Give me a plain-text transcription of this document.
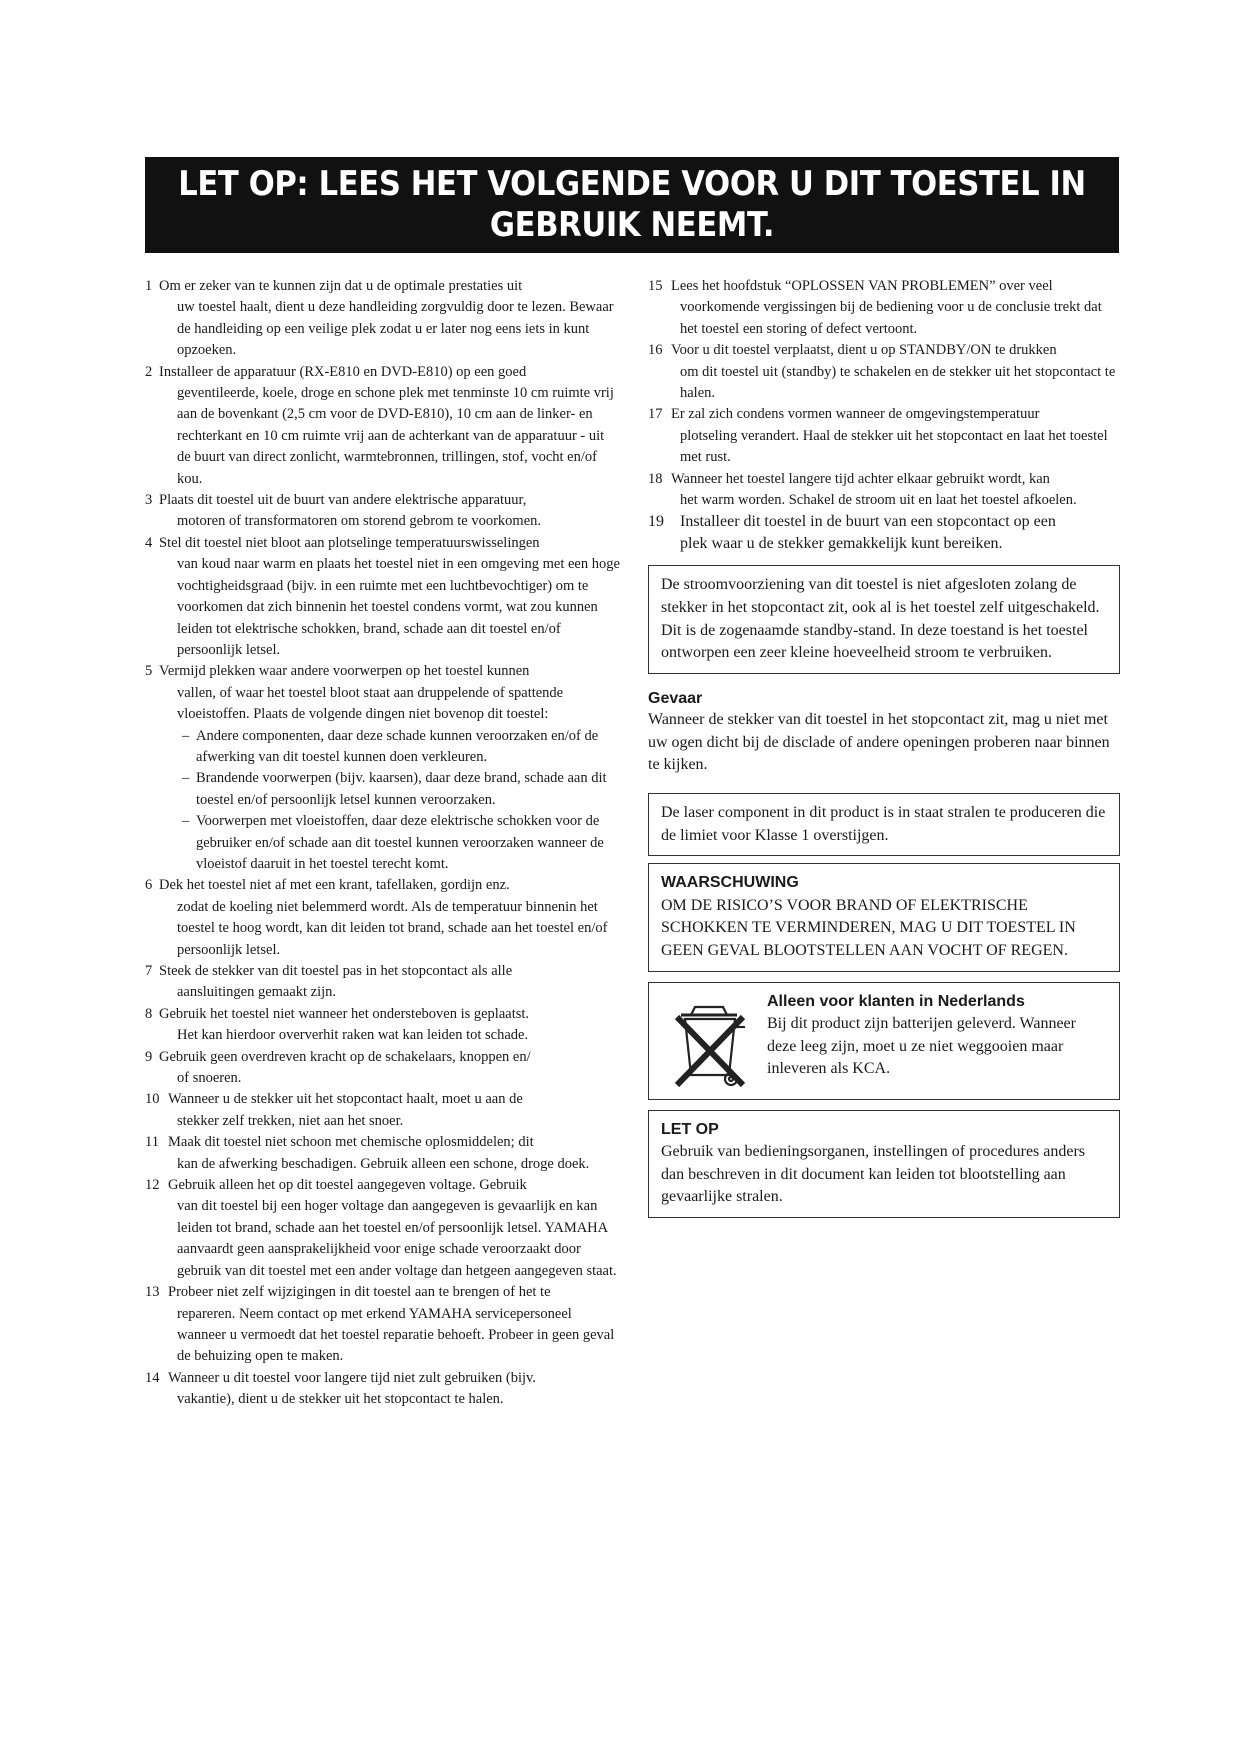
LET OP: LEES HET VOLGENDE VOOR U DIT TOESTEL IN GEBRUIK NEEMT.
1 Om er zeker van te kunnen zijn dat u de optimale prestaties uit
uw toestel haalt, dient u deze handleiding zorgvuldig door te lezen. Bewaar de handleiding op een veilige plek zodat u er later nog eens iets in kunt opzoeken.
2 Installeer de apparatuur (RX-E810 en DVD-E810) op een goed
geventileerde, koele, droge en schone plek met tenminste 10 cm ruimte vrij aan de bovenkant (2,5 cm voor de DVD-E810), 10 cm aan de linker- en rechterkant en 10 cm ruimte vrij aan de achterkant van de apparatuur - uit de buurt van direct zonlicht, warmtebronnen, trillingen, stof, vocht en/of kou.
3 Plaats dit toestel uit de buurt van andere elektrische apparatuur,
motoren of transformatoren om storend gebrom te voorkomen.
4 Stel dit toestel niet bloot aan plotselinge temperatuurswisselingen
van koud naar warm en plaats het toestel niet in een omgeving met een hoge vochtigheidsgraad (bijv. in een ruimte met een luchtbevochtiger) om te voorkomen dat zich binnenin het toestel condens vormt, wat zou kunnen leiden tot elektrische schokken, brand, schade aan dit toestel en/of persoonlijk letsel.
5 Vermijd plekken waar andere voorwerpen op het toestel kunnen
vallen, of waar het toestel bloot staat aan druppelende of spattende vloeistoffen. Plaats de volgende dingen niet bovenop dit toestel:
– Andere componenten, daar deze schade kunnen veroorzaken en/of de afwerking van dit toestel kunnen doen verkleuren.
– Brandende voorwerpen (bijv. kaarsen), daar deze brand, schade aan dit toestel en/of persoonlijk letsel kunnen veroorzaken.
– Voorwerpen met vloeistoffen, daar deze elektrische schokken voor de gebruiker en/of schade aan dit toestel kunnen veroorzaken wanneer de vloeistof daaruit in het toestel terecht komt.
6 Dek het toestel niet af met een krant, tafellaken, gordijn enz.
zodat de koeling niet belemmerd wordt. Als de temperatuur binnenin het toestel te hoog wordt, kan dit leiden tot brand, schade aan het toestel en/of persoonlijk letsel.
7 Steek de stekker van dit toestel pas in het stopcontact als alle
aansluitingen gemaakt zijn.
8 Gebruik het toestel niet wanneer het ondersteboven is geplaatst.
Het kan hierdoor oververhit raken wat kan leiden tot schade.
9 Gebruik geen overdreven kracht op de schakelaars, knoppen en/
of snoeren.
10 Wanneer u de stekker uit het stopcontact haalt, moet u aan de
stekker zelf trekken, niet aan het snoer.
11 Maak dit toestel niet schoon met chemische oplosmiddelen; dit
kan de afwerking beschadigen. Gebruik alleen een schone, droge doek.
12 Gebruik alleen het op dit toestel aangegeven voltage. Gebruik
van dit toestel bij een hoger voltage dan aangegeven is gevaarlijk en kan leiden tot brand, schade aan het toestel en/of persoonlijk letsel. YAMAHA aanvaardt geen aansprakelijkheid voor enige schade veroorzaakt door gebruik van dit toestel met een ander voltage dan hetgeen aangegeven staat.
13 Probeer niet zelf wijzigingen in dit toestel aan te brengen of het te
repareren. Neem contact op met erkend YAMAHA servicepersoneel wanneer u vermoedt dat het toestel reparatie behoeft. Probeer in geen geval de behuizing open te maken.
14 Wanneer u dit toestel voor langere tijd niet zult gebruiken (bijv.
vakantie), dient u de stekker uit het stopcontact te halen.
15 Lees het hoofdstuk “OPLOSSEN VAN PROBLEMEN” over veel
voorkomende vergissingen bij de bediening voor u de conclusie trekt dat het toestel een storing of defect vertoont.
16 Voor u dit toestel verplaatst, dient u op STANDBY/ON te drukken
om dit toestel uit (standby) te schakelen en de stekker uit het stopcontact te halen.
17 Er zal zich condens vormen wanneer de omgevingstemperatuur
plotseling verandert. Haal de stekker uit het stopcontact en laat het toestel met rust.
18 Wanneer het toestel langere tijd achter elkaar gebruikt wordt, kan
het warm worden. Schakel de stroom uit en laat het toestel afkoelen.
19	Installeer dit toestel in de buurt van een stopcontact op een
plek waar u de stekker gemakkelijk kunt bereiken.
De stroomvoorziening van dit toestel is niet afgesloten zolang de stekker in het stopcontact zit, ook al is het toestel zelf uitgeschakeld. Dit is de zogenaamde standby-stand. In deze toestand is het toestel ontworpen een zeer kleine hoeveelheid stroom te verbruiken.
Gevaar
Wanneer de stekker van dit toestel in het stopcontact zit, mag u niet met uw ogen dicht bij de disclade of andere openingen proberen naar binnen te kijken.
De laser component in dit product is in staat stralen te produceren die de limiet voor Klasse 1 overstijgen.
WAARSCHUWING
OM DE RISICO’S VOOR BRAND OF ELEKTRISCHE SCHOKKEN TE VERMINDEREN, MAG U DIT TOESTEL IN GEEN GEVAL BLOOTSTELLEN AAN VOCHT OF REGEN.
Alleen voor klanten in Nederlands
Bij dit product zijn batterijen geleverd. Wanneer deze leeg zijn, moet u ze niet weggooien maar inleveren als KCA.
LET OP
Gebruik van bedieningsorganen, instellingen of procedures anders dan beschreven in dit document kan leiden tot blootstelling aan gevaarlijke stralen.
